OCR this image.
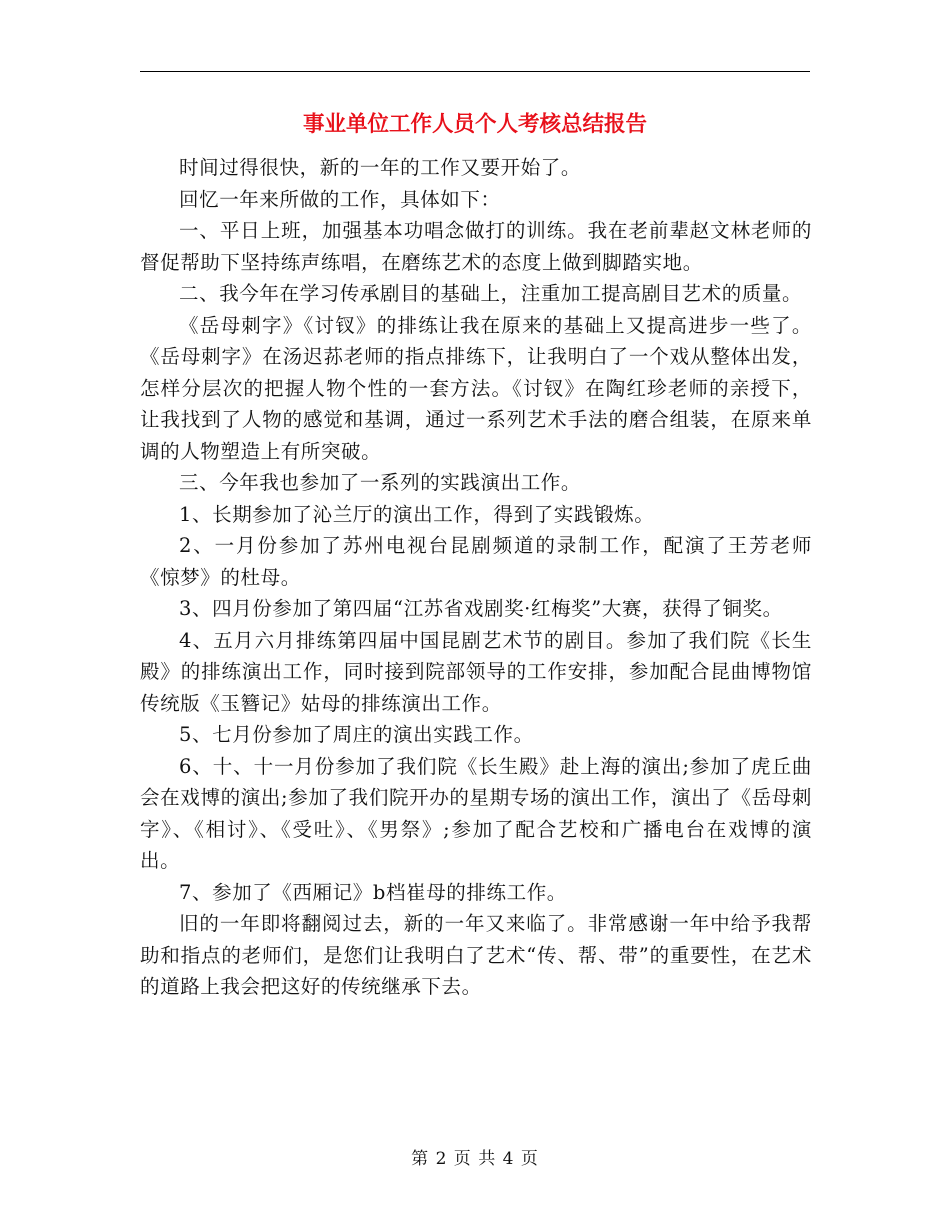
事业单位工作人员个人考核总结报告

时间过得很快，新的一年的工作又要开始了。

回忆一年来所做的工作，具体如下：

一、平日上班，加强基本功唱念做打的训练。我在老前辈赵文林老师的督促帮助下坚持练声练唱，在磨练艺术的态度上做到脚踏实地。

二、我今年在学习传承剧目的基础上，注重加工提高剧目艺术的质量。

《岳母刺字》《讨钗》的排练让我在原来的基础上又提高进步一些了。《岳母刺字》在汤迟荪老师的指点排练下，让我明白了一个戏从整体出发，怎样分层次的把握人物个性的一套方法。《讨钗》在陶红珍老师的亲授下，让我找到了人物的感觉和基调，通过一系列艺术手法的磨合组装，在原来单调的人物塑造上有所突破。

三、今年我也参加了一系列的实践演出工作。

1、长期参加了沁兰厅的演出工作，得到了实践锻炼。

2、一月份参加了苏州电视台昆剧频道的录制工作，配演了王芳老师《惊梦》的杜母。

3、四月份参加了第四届“江苏省戏剧奖·红梅奖”大赛，获得了铜奖。

4、五月六月排练第四届中国昆剧艺术节的剧目。参加了我们院《长生殿》的排练演出工作，同时接到院部领导的工作安排，参加配合昆曲博物馆传统版《玉簪记》姑母的排练演出工作。

5、七月份参加了周庄的演出实践工作。

6、十、十一月份参加了我们院《长生殿》赴上海的演出;参加了虎丘曲会在戏博的演出;参加了我们院开办的星期专场的演出工作，演出了《岳母刺字》、《相讨》、《受吐》、《男祭》;参加了配合艺校和广播电台在戏博的演出。

7、参加了《西厢记》b档崔母的排练工作。

旧的一年即将翻阅过去，新的一年又来临了。非常感谢一年中给予我帮助和指点的老师们，是您们让我明白了艺术“传、帮、带”的重要性，在艺术的道路上我会把这好的传统继承下去。

第 2 页 共 4 页
